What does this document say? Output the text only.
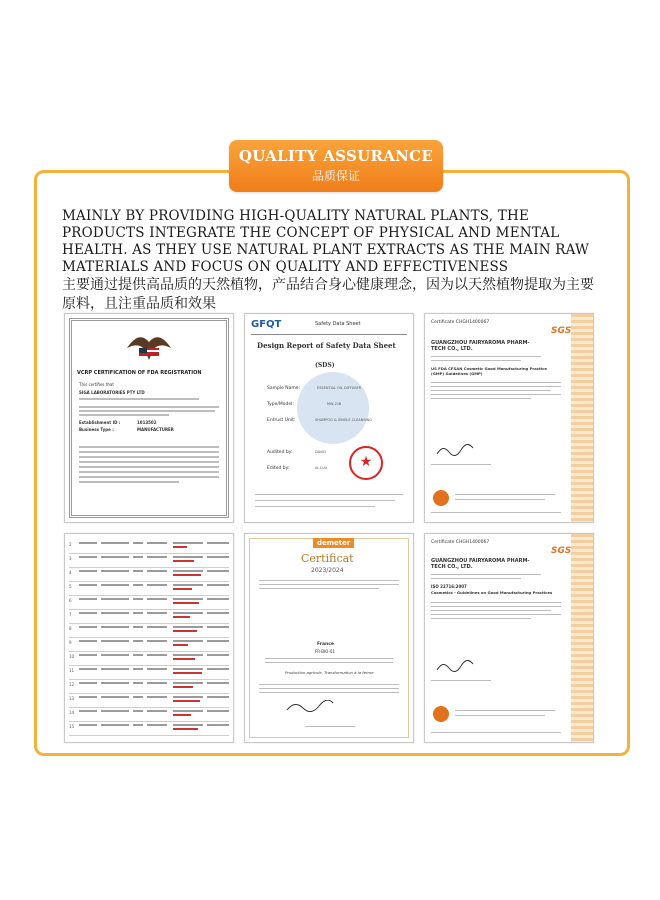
QUALITY ASSURANCE
品质保证
MAINLY BY PROVIDING HIGH-QUALITY NATURAL PLANTS, THE PRODUCTS INTEGRATE THE CONCEPT OF PHYSICAL AND MENTAL HEALTH. AS THEY USE NATURAL PLANT EXTRACTS AS THE MAIN RAW MATERIALS AND FOCUS ON QUALITY AND EFFECTIVENESS
主要通过提供高品质的天然植物，产品结合身心健康理念，因为以天然植物提取为主要原料，且注重品质和效果
VCRP CERTIFICATION OF FDA REGISTRATION
This certifies that
SIGA LABORATORIES PTY LTD
Establishment ID :	1013502
Business Type :	MANUFACTURER
GFQT	Safety Data Sheet
Design Report of Safety Data Sheet
(SDS)
Sample Name:	ESSENTIAL OIL DIFFUSER
Type/Model:	MW-218
Entrust Unit:	SHAMPOO & SINGLE CLEANSING
Audited by:	DAVID
Edited by:	AI-CUA	★
Certificate CHGH1400067
SGS
GUANGZHOU FAIRYAROMA PHARM-TECH CO., LTD.
US FDA CFSAN Cosmetic Good Manufacturing Practice (GMP) Guidelines (GMP)
2
3
4
5
6
7
8
9
10
11
12
13
14
15
demeter
Certificat
2023/2024
France
FR-BIO-01
Production agricole, Transformation à la ferme
Certificate CHGH1400067
SGS
GUANGZHOU FAIRYAROMA PHARM-TECH CO., LTD.
ISO 22716:2007
Cosmetics - Guidelines on Good Manufacturing Practices
